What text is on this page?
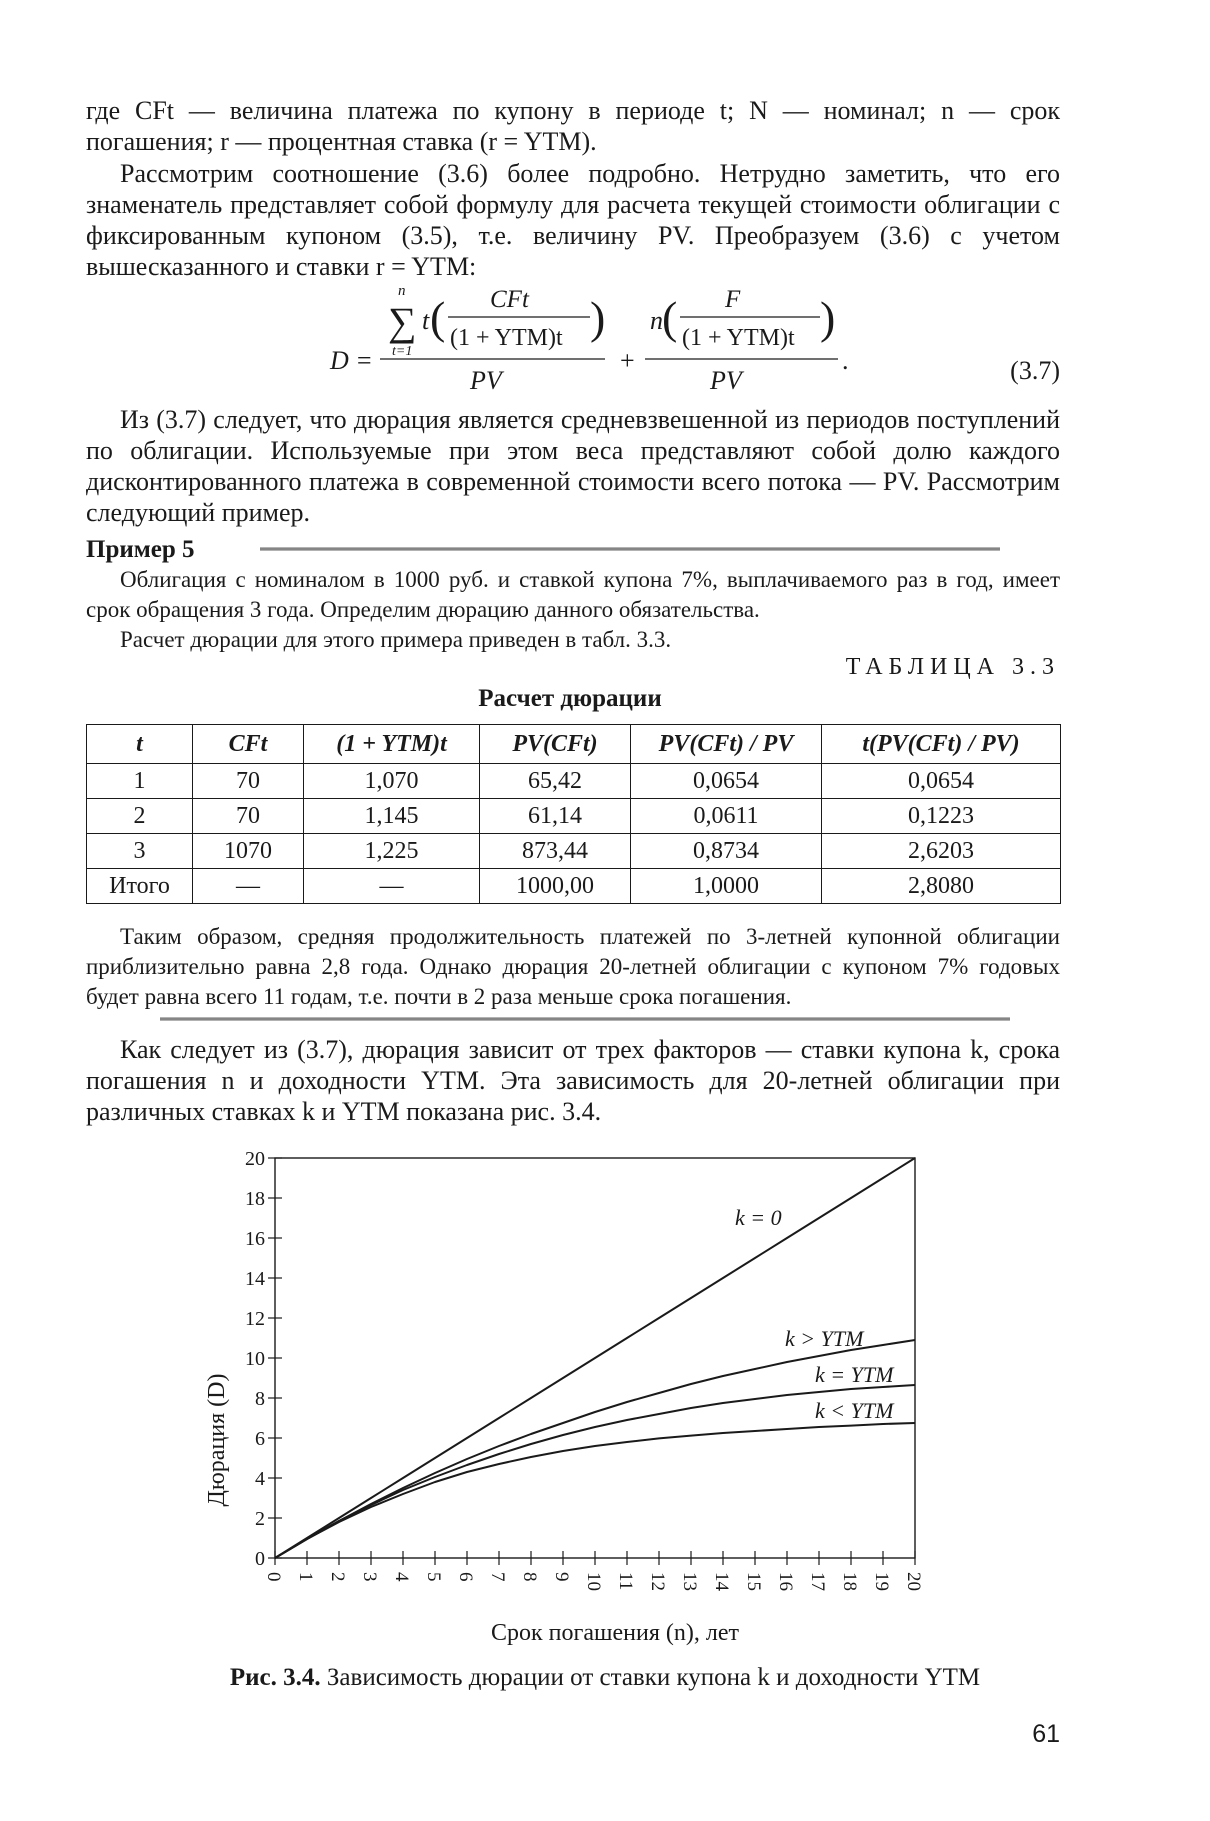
где CFt — величина платежа по купону в периоде t; N — номинал; n — срок погашения; r — процентная ставка (r = YTM).

Рассмотрим соотношение (3.6) более подробно. Нетрудно заметить, что его знаменатель представляет собой формулу для расчета текущей стоимости облигации с фиксированным купоном (3.5), т.е. величину PV. Преобразуем (3.6) с учетом вышесказанного и ставки r = YTM:

D =
n
∑
t=1
t ( CFt
(1 + YTM)t )
PV
+
n ( F
(1 + YTM)t )
PV
.	(3.7)

Из (3.7) следует, что дюрация является средневзвешенной из периодов поступлений по облигации. Используемые при этом веса представляют собой долю каждого дисконтированного платежа в современной стоимости всего потока — PV. Рассмотрим следующий пример.

Пример 5

Облигация с номиналом в 1000 руб. и ставкой купона 7%, выплачиваемого раз в год, имеет срок обращения 3 года. Определим дюрацию данного обязательства.

Расчет дюрации для этого примера приведен в табл. 3.3.

ТАБЛИЦА 3.3
Расчет дюрации
t	CFt	(1 + YTM)t	PV(CFt)	PV(CFt) / PV	t(PV(CFt) / PV)
1	70	1,070	65,42	0,0654	0,0654
2	70	1,145	61,14	0,0611	0,1223
3	1070	1,225	873,44	0,8734	2,6203
Итого	—	—	1000,00	1,0000	2,8080

Таким образом, средняя продолжительность платежей по 3-летней купонной облигации приблизительно равна 2,8 года. Однако дюрация 20-летней облигации с купоном 7% годовых будет равна всего 11 годам, т.е. почти в 2 раза меньше срока погашения.

Как следует из (3.7), дюрация зависит от трех факторов — ставки купона k, срока погашения n и доходности YTM. Эта зависимость для 20-летней облигации при различных ставках k и YTM показана рис. 3.4.

0
2
4
6
8
10
12
14
16
18
20
0 1 2 3 4 5 6 7 8 9 10 11 12 13 14 15 16 17 18 19 20
k = 0
k > YTM
k = YTM
k < YTM
Дюрация (D)
Срок погашения (n), лет
Рис. 3.4. Зависимость дюрации от ставки купона k и доходности YTM
61
